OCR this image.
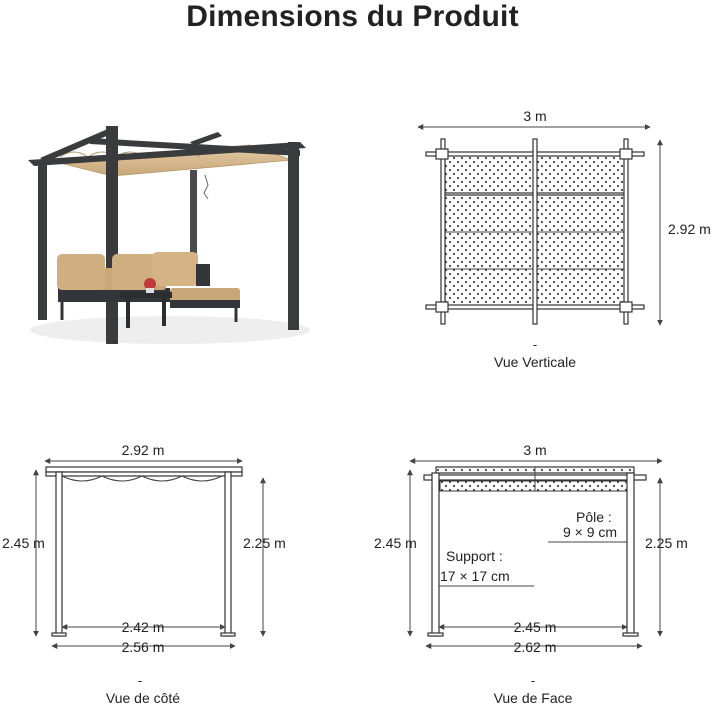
Dimensions du Produit
3 m
2.92 m
-
Vue Verticale
2.92 m
2.45 m	2.25 m
2.42 m
2.56 m
-
Vue de côté
3 m
2.45 m	2.25 m
Pôle :
9 × 9 cm
Support :
17 × 17 cm
2.45 m
2.62 m
-
Vue de Face
